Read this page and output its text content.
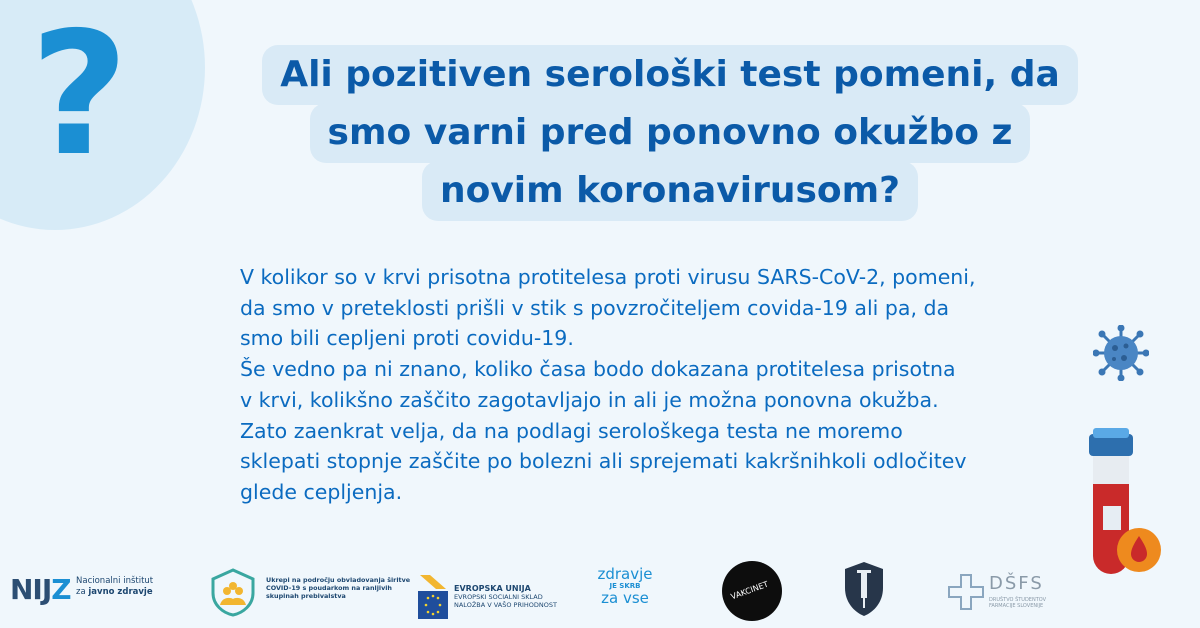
?	Ali pozitiven serološki test pomeni, da
smo varni pred ponovno okužbo z
novim koronavirusom?

V kolikor so v krvi prisotna protitelesa proti virusu SARS-CoV-2, pomeni,

da smo v preteklosti prišli v stik s povzročiteljem covida-19 ali pa, da

smo bili cepljeni proti covidu-19.

Še vedno pa ni znano, koliko časa bodo dokazana protitelesa prisotna

v krvi, kolikšno zaščito zagotavljajo in ali je možna ponovna okužba.

Zato zaenkrat velja, da na podlagi serološkega testa ne moremo

sklepati stopnje zaščite po bolezni ali sprejemati kakršnihkoli odločitev

glede cepljenja.

NIJZ Nacionalni inštitut
za javno zdravje
Ukrepi na področju obvladovanja širitve COVID-19 s poudarkom na ranljivih skupinah prebivalstva
EVROPSKA UNIJA
EVROPSKI SOCIALNI SKLAD
NALOŽBA V VAŠO PRIHODNOST
zdravje
JE SKRB
za vse	VAKCINET	DŠFS
DRUŠTVO ŠTUDENTOV FARMACIJE SLOVENIJE
